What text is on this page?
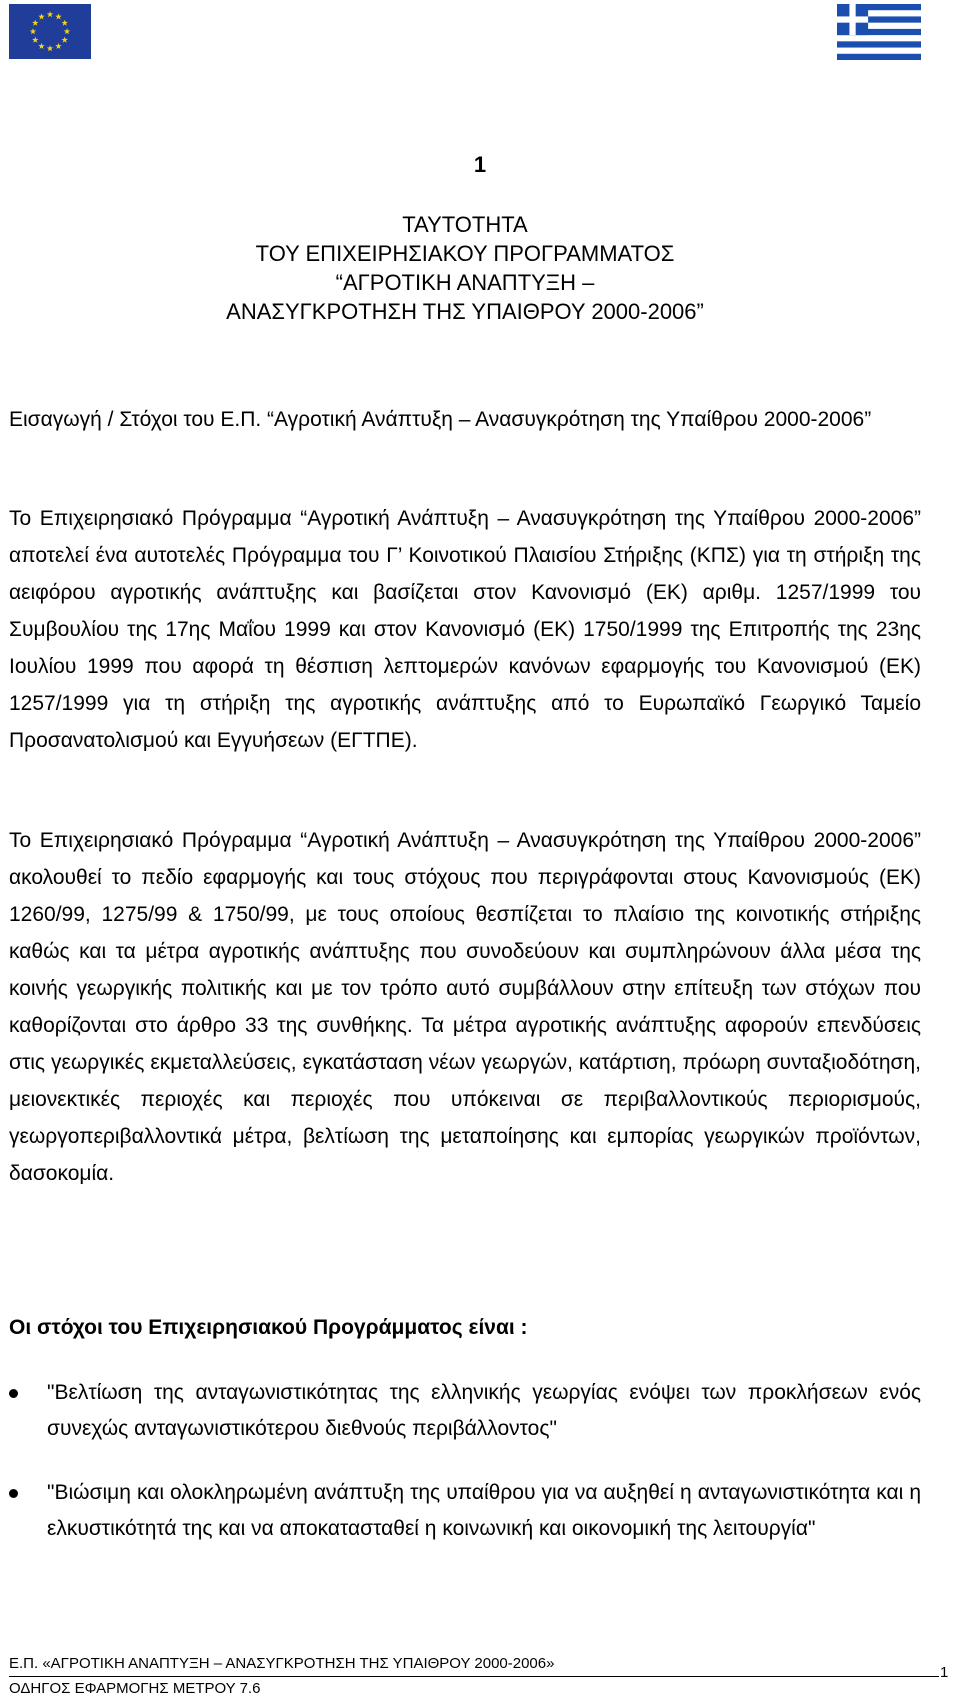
1
ΤΑΥΤΟΤΗΤΑ
ΤΟΥ ΕΠΙΧΕΙΡΗΣΙΑΚΟΥ ΠΡΟΓΡΑΜΜΑΤΟΣ
“ΑΓΡΟΤΙΚΗ ΑΝΑΠΤΥΞΗ –
ΑΝΑΣΥΓΚΡΟΤΗΣΗ ΤΗΣ ΥΠΑΙΘΡΟΥ 2000-2006”
Εισαγωγή / Στόχοι του Ε.Π. “Αγροτική Ανάπτυξη – Ανασυγκρότηση της Υπαίθρου 2000-2006”
Το Επιχειρησιακό Πρόγραμμα “Αγροτική Ανάπτυξη – Ανασυγκρότηση της Υπαίθρου 2000-2006” αποτελεί ένα αυτοτελές Πρόγραμμα του Γ’ Κοινοτικού Πλαισίου Στήριξης (ΚΠΣ) για τη στήριξη της αειφόρου αγροτικής ανάπτυξης και βασίζεται στον Κανονισμό (ΕΚ) αριθμ. 1257/1999 του Συμβουλίου της 17ης Μαΐου 1999 και στον Κανονισμό (ΕΚ) 1750/1999 της Επιτροπής της 23ης Ιουλίου 1999 που αφορά τη θέσπιση λεπτομερών κανόνων εφαρμογής του Κανονισμού (ΕΚ) 1257/1999 για τη στήριξη της αγροτικής ανάπτυξης από το Ευρωπαϊκό Γεωργικό Ταμείο Προσανατολισμού και Εγγυήσεων (ΕΓΤΠΕ).
Το Επιχειρησιακό Πρόγραμμα “Αγροτική Ανάπτυξη – Ανασυγκρότηση της Υπαίθρου 2000-2006” ακολουθεί το πεδίο εφαρμογής και τους στόχους που περιγράφονται στους Κανονισμούς (ΕΚ) 1260/99, 1275/99 & 1750/99, με τους οποίους θεσπίζεται το πλαίσιο της κοινοτικής στήριξης καθώς και τα μέτρα αγροτικής ανάπτυξης που συνοδεύουν και συμπληρώνουν άλλα μέσα της κοινής γεωργικής πολιτικής και με τον τρόπο αυτό συμβάλλουν στην επίτευξη των στόχων που καθορίζονται στο άρθρο 33 της συνθήκης. Τα μέτρα αγροτικής ανάπτυξης αφορούν επενδύσεις στις γεωργικές εκμεταλλεύσεις, εγκατάσταση νέων γεωργών, κατάρτιση, πρόωρη συνταξιοδότηση, μειονεκτικές περιοχές και περιοχές που υπόκειναι σε περιβαλλοντικούς περιορισμούς, γεωργοπεριβαλλοντικά μέτρα, βελτίωση της μεταποίησης και εμπορίας γεωργικών προϊόντων, δασοκομία.
Οι στόχοι του Επιχειρησιακού Προγράμματος είναι :
"Βελτίωση της ανταγωνιστικότητας της ελληνικής γεωργίας ενόψει των προκλήσεων ενός συνεχώς ανταγωνιστικότερου διεθνούς περιβάλλοντος"
"Βιώσιμη και ολοκληρωμένη ανάπτυξη της υπαίθρου για να αυξηθεί η ανταγωνιστικότητα και η ελκυστικότητά της και να αποκατασταθεί η κοινωνική και οικονομική της λειτουργία"
Ε.Π. «ΑΓΡΟΤΙΚΗ ΑΝΑΠΤΥΞΗ – ΑΝΑΣΥΓΚΡΟΤΗΣΗ ΤΗΣ ΥΠΑΙΘΡΟΥ 2000-2006»
1
ΟΔΗΓΟΣ ΕΦΑΡΜΟΓΗΣ ΜΕΤΡΟΥ 7.6
